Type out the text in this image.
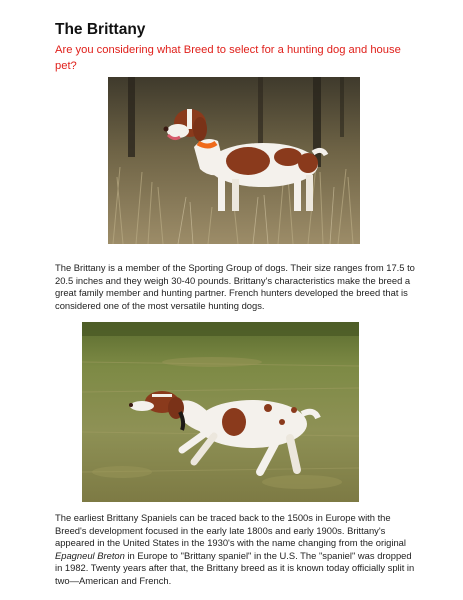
The Brittany

Are you considering what Breed to select for a hunting dog and house pet?

The Brittany is a member of the Sporting Group of dogs. Their size ranges from 17.5 to 20.5 inches and they weigh 30-40 pounds. Brittany's characteristics make the breed a great family member and hunting partner. French hunters developed the breed that is considered one of the most versatile hunting dogs.

The earliest Brittany Spaniels can be traced back to the 1500s in Europe with the Breed's development focused in the early late 1800s and early 1900s. Brittany's appeared in the United States in the 1930's with the name changing from the original Epagneul Breton in Europe to "Brittany spaniel" in the U.S. The "spaniel" was dropped in 1982. Twenty years after that, the Brittany breed as it is known today officially split in two—American and French.
